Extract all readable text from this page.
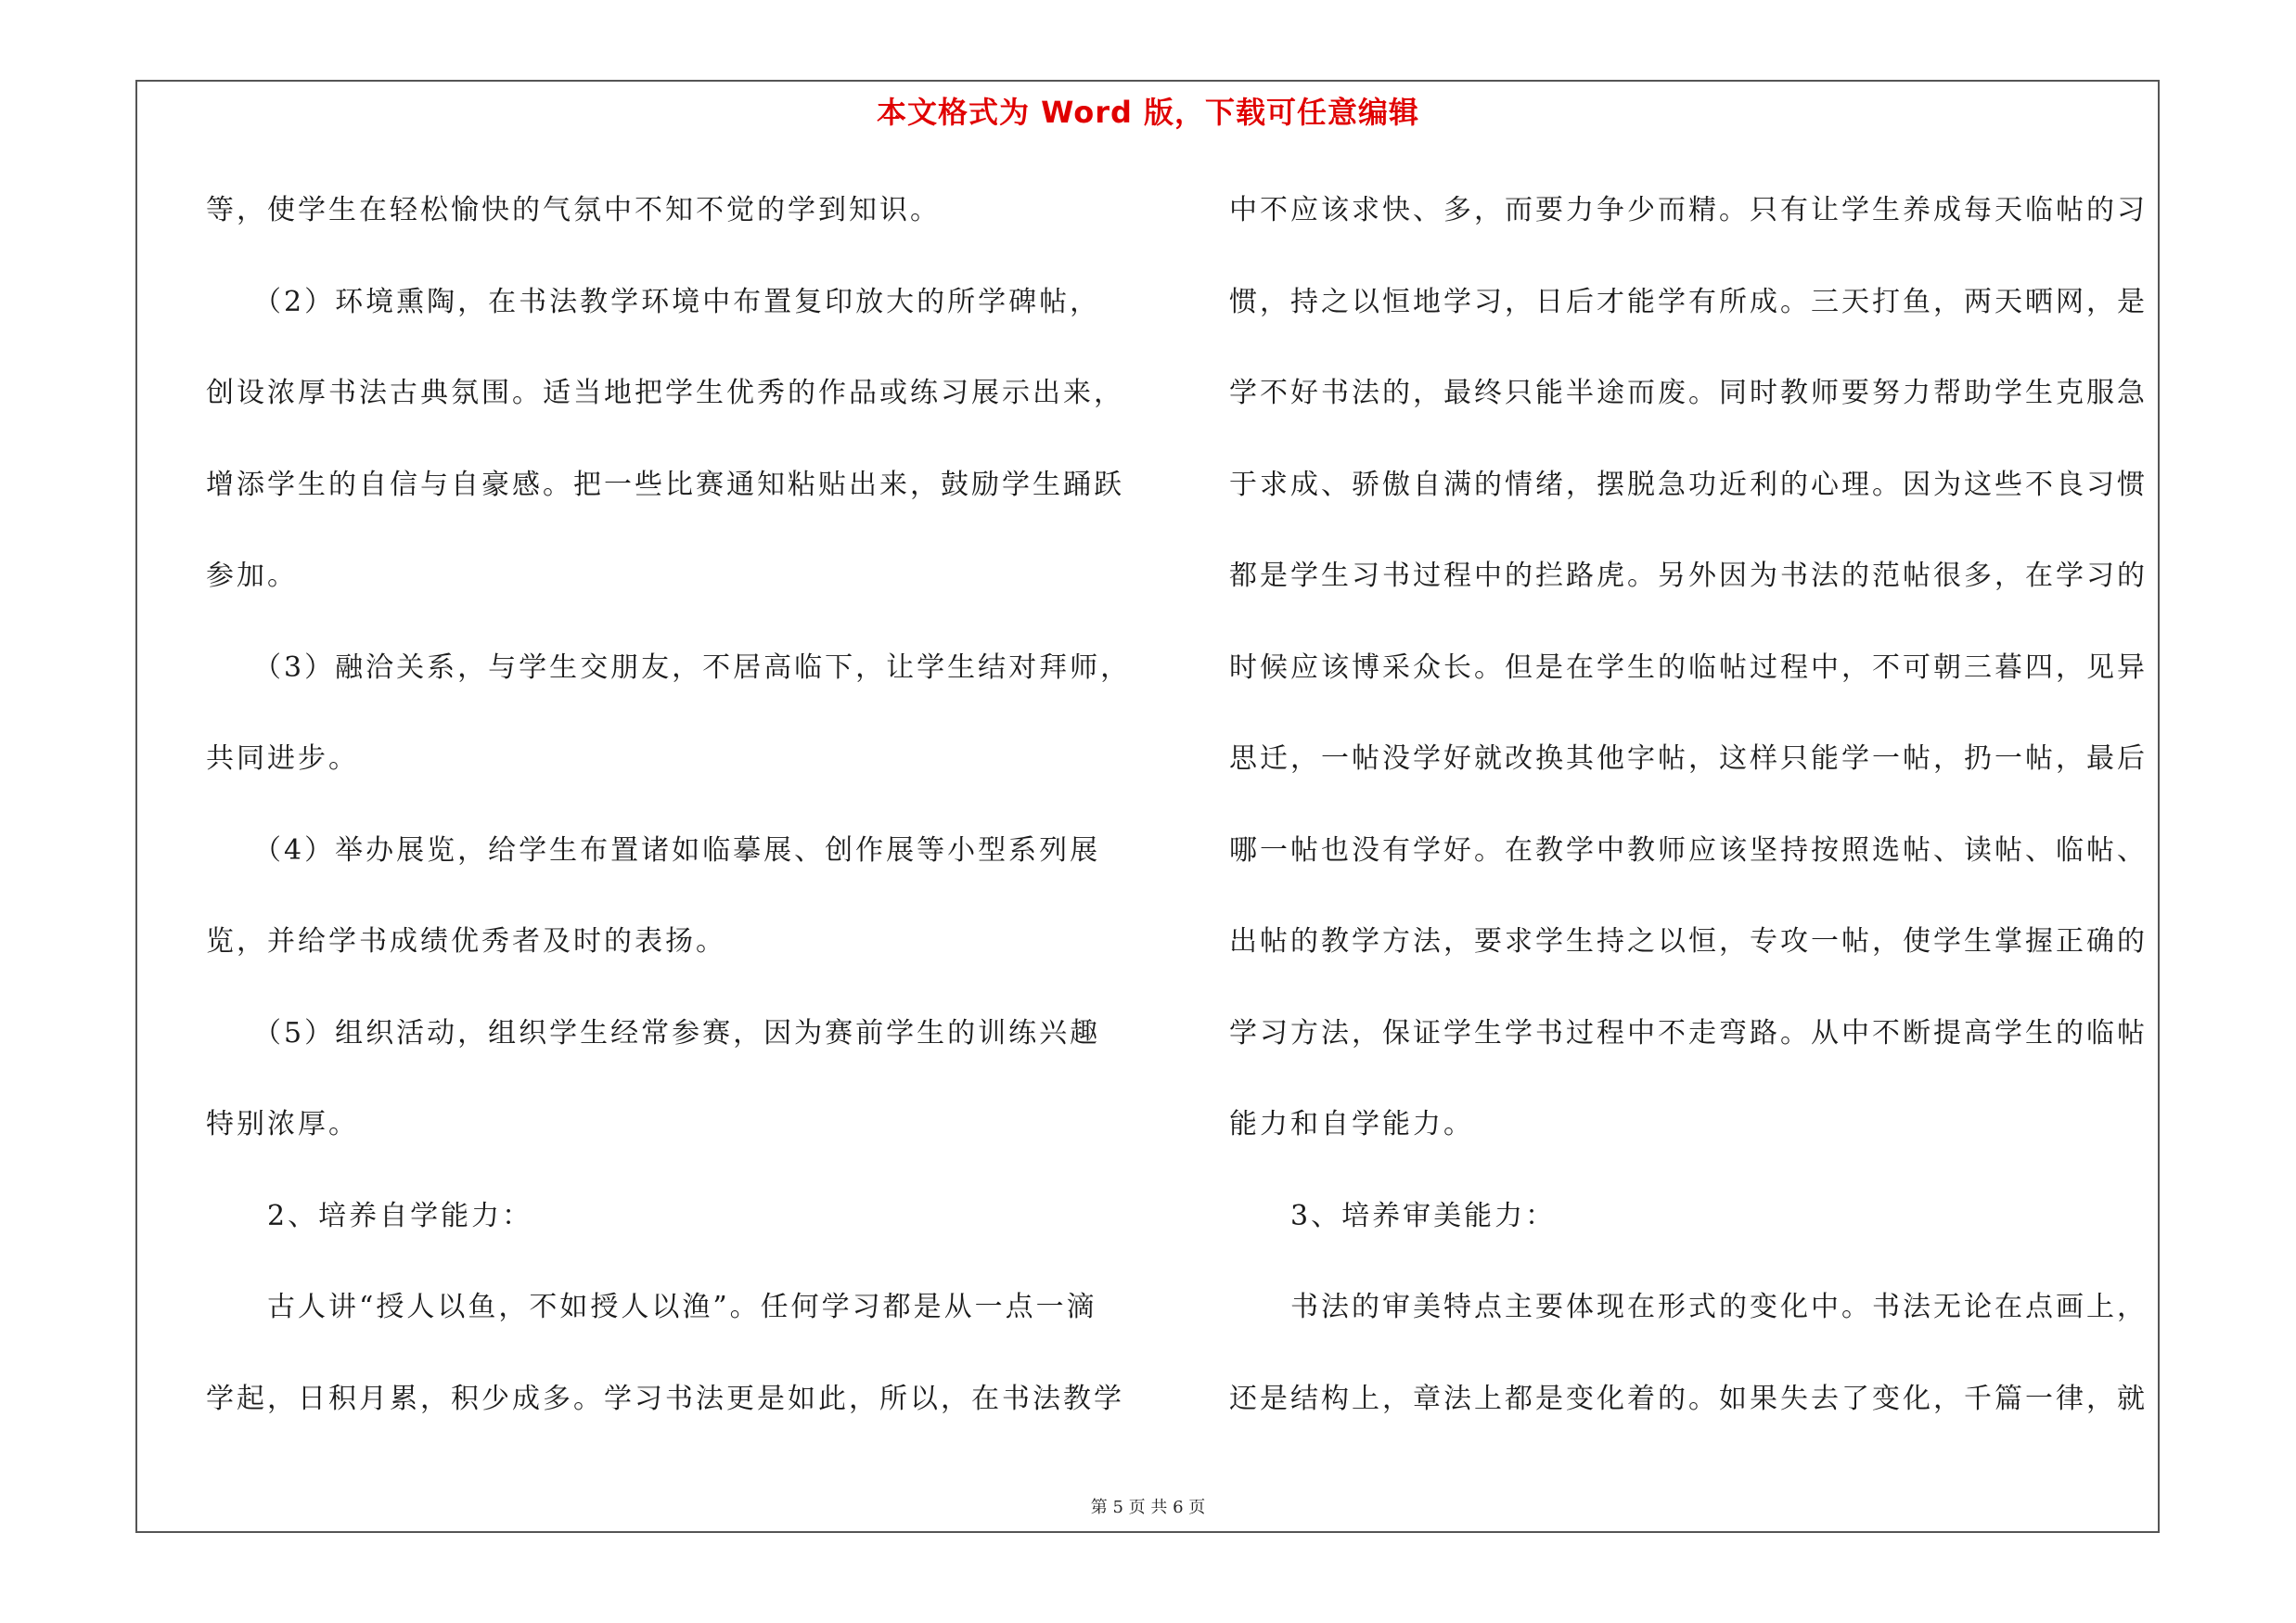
本文格式为 Word 版，下载可任意编辑
等，使学生在轻松愉快的气氛中不知不觉的学到知识。
　　（2）环境熏陶，在书法教学环境中布置复印放大的所学碑帖，
创设浓厚书法古典氛围。适当地把学生优秀的作品或练习展示出来，
增添学生的自信与自豪感。把一些比赛通知粘贴出来，鼓励学生踊跃
参加。
　　（3）融洽关系，与学生交朋友，不居高临下，让学生结对拜师，
共同进步。
　　（4）举办展览，给学生布置诸如临摹展、创作展等小型系列展
览，并给学书成绩优秀者及时的表扬。
　　（5）组织活动，组织学生经常参赛，因为赛前学生的训练兴趣
特别浓厚。
　　2、培养自学能力：
　　古人讲“授人以鱼，不如授人以渔”。任何学习都是从一点一滴
学起，日积月累，积少成多。学习书法更是如此，所以，在书法教学
中不应该求快、多，而要力争少而精。只有让学生养成每天临帖的习
惯，持之以恒地学习，日后才能学有所成。三天打鱼，两天晒网，是
学不好书法的，最终只能半途而废。同时教师要努力帮助学生克服急
于求成、骄傲自满的情绪，摆脱急功近利的心理。因为这些不良习惯
都是学生习书过程中的拦路虎。另外因为书法的范帖很多，在学习的
时候应该博采众长。但是在学生的临帖过程中，不可朝三暮四，见异
思迁，一帖没学好就改换其他字帖，这样只能学一帖，扔一帖，最后
哪一帖也没有学好。在教学中教师应该坚持按照选帖、读帖、临帖、
出帖的教学方法，要求学生持之以恒，专攻一帖，使学生掌握正确的
学习方法，保证学生学书过程中不走弯路。从中不断提高学生的临帖
能力和自学能力。
　　3、培养审美能力：
　　书法的审美特点主要体现在形式的变化中。书法无论在点画上，
还是结构上，章法上都是变化着的。如果失去了变化，千篇一律，就
第 5 页 共 6 页
